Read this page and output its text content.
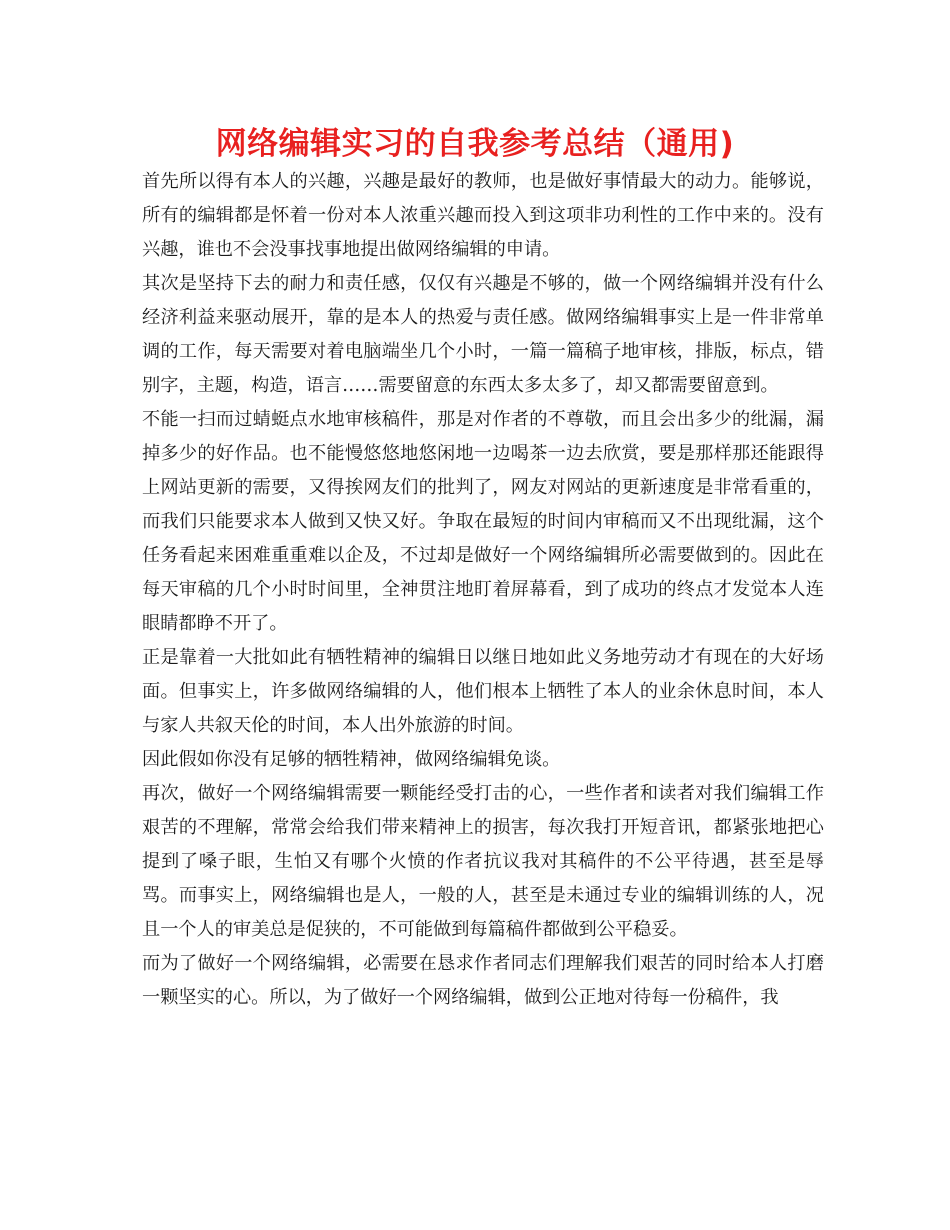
网络编辑实习的自我参考总结（通用)

首先所以得有本人的兴趣，兴趣是最好的教师，也是做好事情最大的动力。能够说，所有的编辑都是怀着一份对本人浓重兴趣而投入到这项非功利性的工作中来的。没有兴趣，谁也不会没事找事地提出做网络编辑的申请。

其次是坚持下去的耐力和责任感，仅仅有兴趣是不够的，做一个网络编辑并没有什么经济利益来驱动展开，靠的是本人的热爱与责任感。做网络编辑事实上是一件非常单调的工作，每天需要对着电脑端坐几个小时，一篇一篇稿子地审核，排版，标点，错别字，主题，构造，语言……需要留意的东西太多太多了，却又都需要留意到。

不能一扫而过蜻蜓点水地审核稿件，那是对作者的不尊敬，而且会出多少的纰漏，漏掉多少的好作品。也不能慢悠悠地悠闲地一边喝茶一边去欣赏，要是那样那还能跟得上网站更新的需要，又得挨网友们的批判了，网友对网站的更新速度是非常看重的，而我们只能要求本人做到又快又好。争取在最短的时间内审稿而又不出现纰漏，这个任务看起来困难重重难以企及，不过却是做好一个网络编辑所必需要做到的。因此在每天审稿的几个小时时间里，全神贯注地盯着屏幕看，到了成功的终点才发觉本人连眼睛都睁不开了。

正是靠着一大批如此有牺牲精神的编辑日以继日地如此义务地劳动才有现在的大好场面。但事实上，许多做网络编辑的人，他们根本上牺牲了本人的业余休息时间，本人与家人共叙天伦的时间，本人出外旅游的时间。

因此假如你没有足够的牺牲精神，做网络编辑免谈。

再次，做好一个网络编辑需要一颗能经受打击的心，一些作者和读者对我们编辑工作艰苦的不理解，常常会给我们带来精神上的损害，每次我打开短音讯，都紧张地把心提到了嗓子眼，生怕又有哪个火愤的作者抗议我对其稿件的不公平待遇，甚至是辱骂。而事实上，网络编辑也是人，一般的人，甚至是未通过专业的编辑训练的人，况且一个人的审美总是促狭的，不可能做到每篇稿件都做到公平稳妥。

而为了做好一个网络编辑，必需要在恳求作者同志们理解我们艰苦的同时给本人打磨一颗坚实的心。所以，为了做好一个网络编辑，做到公正地对待每一份稿件，我
